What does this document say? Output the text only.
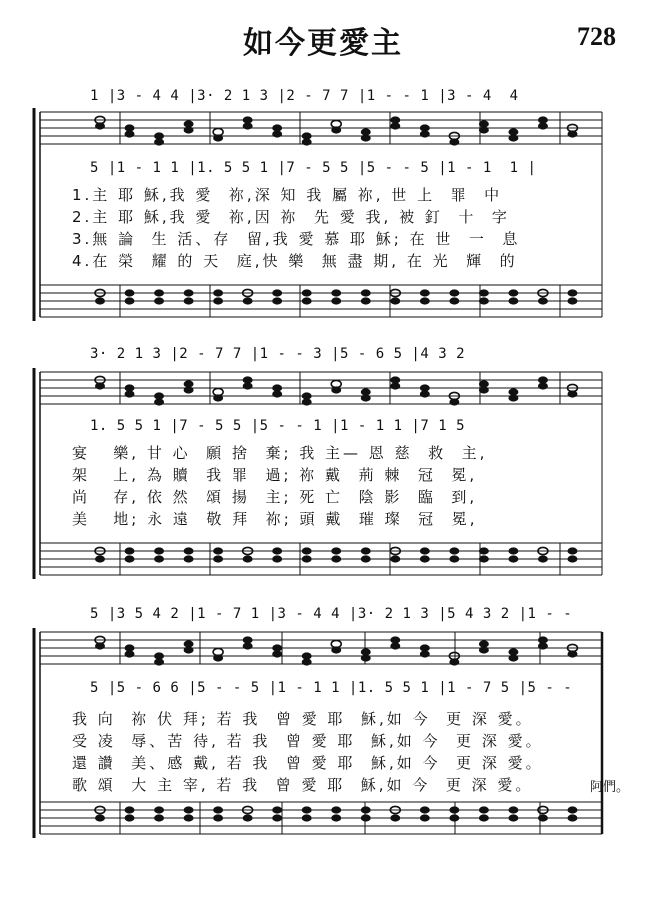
如今更愛主	728
1 |3 - 4 4 |3· 2 1 3 |2 - 7 7 |1 - - 1 |3 - 4  4
5 |1 - 1 1 |1. 5 5 1 |7 - 5 5 |5 - - 5 |1 - 1  1 |
1.主 耶 穌,我 愛  祢,深 知 我 屬 祢, 世 上  罪  中
2.主 耶 穌,我 愛  祢,因 祢  先 愛 我, 被 釘  十  字
3.無 論  生 活、存  留,我 愛 慕 耶 穌; 在 世  一  息
4.在 榮  耀 的 天  庭,快 樂  無 盡 期, 在 光  輝  的
3· 2 1 3 |2 - 7 7 |1 - - 3 |5 - 6 5 |4 3 2
1. 5 5 1 |7 - 5 5 |5 - - 1 |1 - 1 1 |7 1 5
宴   樂, 甘 心  願 捨  棄; 我 主— 恩 慈  救  主,
架   上, 為 贖  我 罪  過; 祢 戴  荊 棘  冠  冕,
尚   存, 依 然  頌 揚  主; 死 亡  陰 影  臨  到,
美   地; 永 遠  敬 拜  祢; 頭 戴  璀 璨  冠  冕,
5 |3 5 4 2 |1 - 7 1 |3 - 4 4 |3· 2 1 3 |5 4 3 2 |1 - -
5 |5 - 6 6 |5 - - 5 |1 - 1 1 |1. 5 5 1 |1 - 7 5 |5 - -
我 向  祢 伏 拜; 若 我  曾 愛 耶  穌,如 今  更 深 愛。
受 凌  辱、苦 待, 若 我  曾 愛 耶  穌,如 今  更 深 愛。
還 讚  美、感 戴, 若 我  曾 愛 耶  穌,如 今  更 深 愛。
歌 頌  大 主 宰, 若 我  曾 愛 耶  穌,如 今  更 深 愛。	阿們。
